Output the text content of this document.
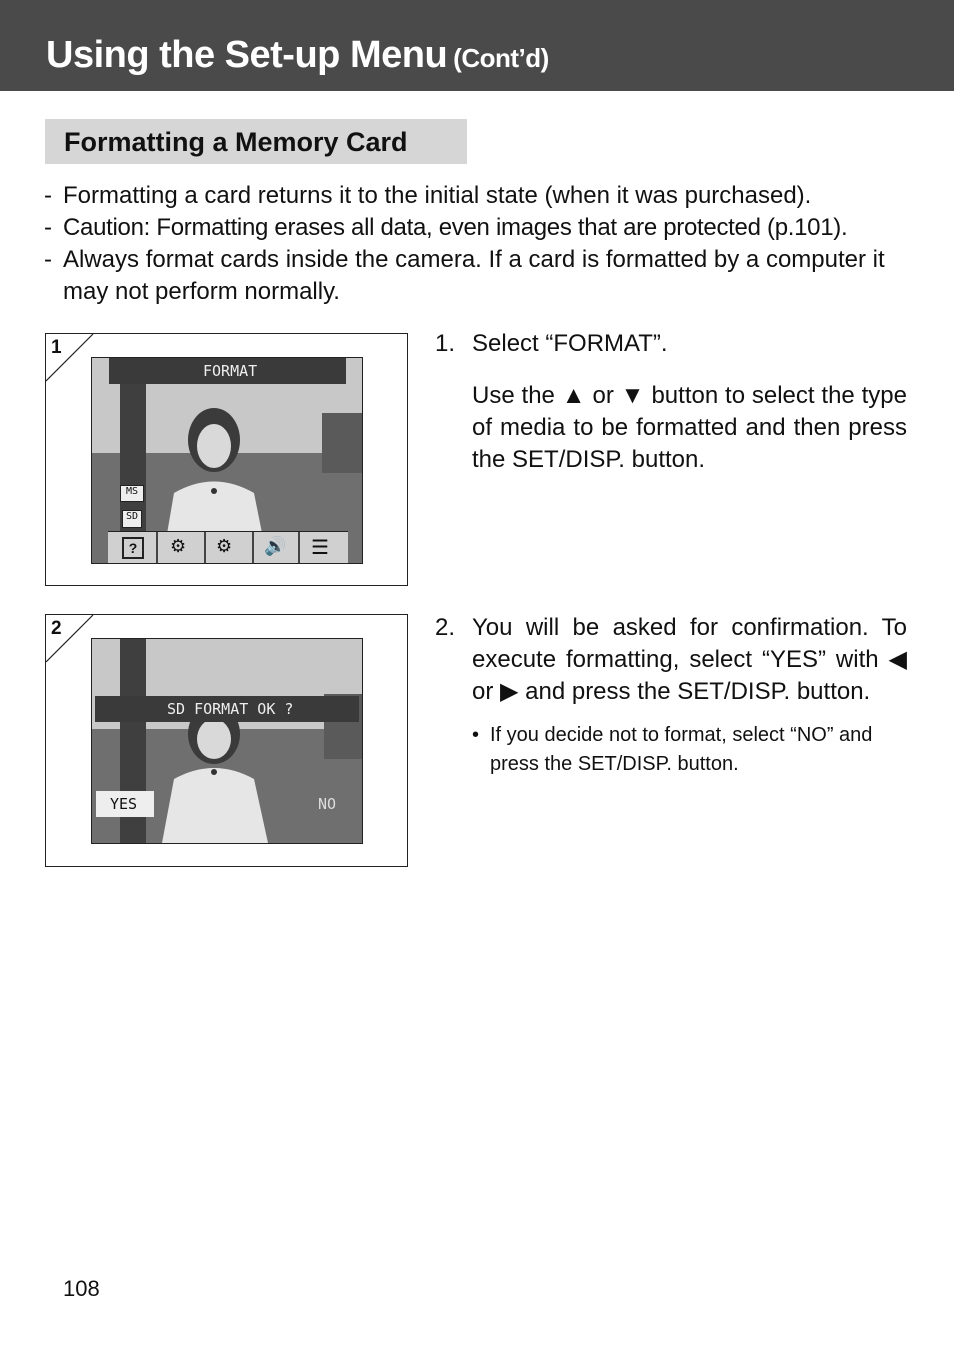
Using the Set-up Menu (Cont’d)
Formatting a Memory Card
- Formatting a card returns it to the initial state (when it was purchased).
- Caution: Formatting erases all data, even images that are protected (p.101).
- Always format cards inside the camera. If a card is formatted by a computer it may not perform normally.
1
FORMAT
MS
SD
?	⚙ ⚙ 🔊 ☰
2
SD FORMAT OK ?
YES	NO
1. Select “FORMAT”.
Use the ▲ or ▼ button to select the type of media to be formatted and then press the SET/DISP. button.
2. You will be asked for confirmation. To execute formatting, select “YES” with ◀ or ▶ and press the SET/DISP. button.
• If you decide not to format, select “NO” and press the SET/DISP. button.
108
